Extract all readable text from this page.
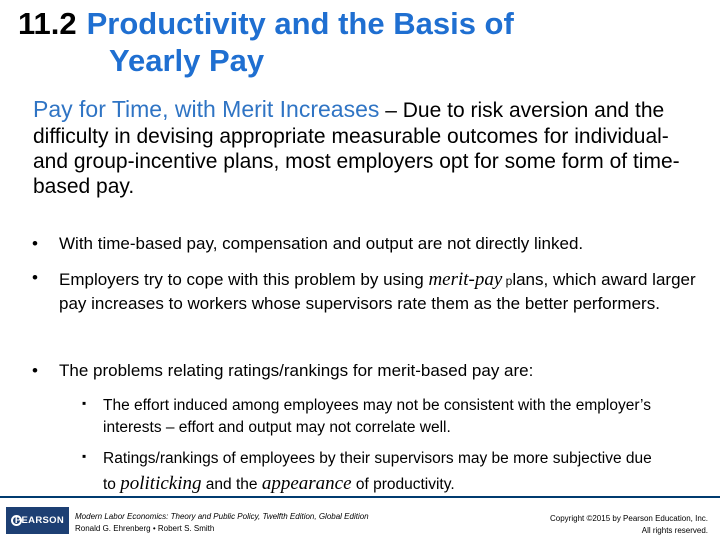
11.2 Productivity and the Basis of
Yearly Pay
Pay for Time, with Merit Increases – Due to risk aversion and the difficulty in devising appropriate measurable outcomes for individual-and group-incentive plans, most employers opt for some form of time-based pay.
•	With time-based pay, compensation and output are not directly linked.
•	Employers try to cope with this problem by using merit-pay plans, which award larger pay increases to workers whose supervisors rate them as the better performers.
•	The problems relating ratings/rankings for merit-based pay are:
▪	The effort induced among employees may not be consistent with the employer’s interests – effort and output may not correlate well.
▪	Ratings/rankings of employees by their supervisors may be more subjective due to politicking and the appearance of productivity.
PEARSON Modern Labor Economics: Theory and Public Policy, Twelfth Edition, Global Edition
Ronald G. Ehrenberg • Robert S. Smith
Copyright ©2015 by Pearson Education, Inc.
All rights reserved.
